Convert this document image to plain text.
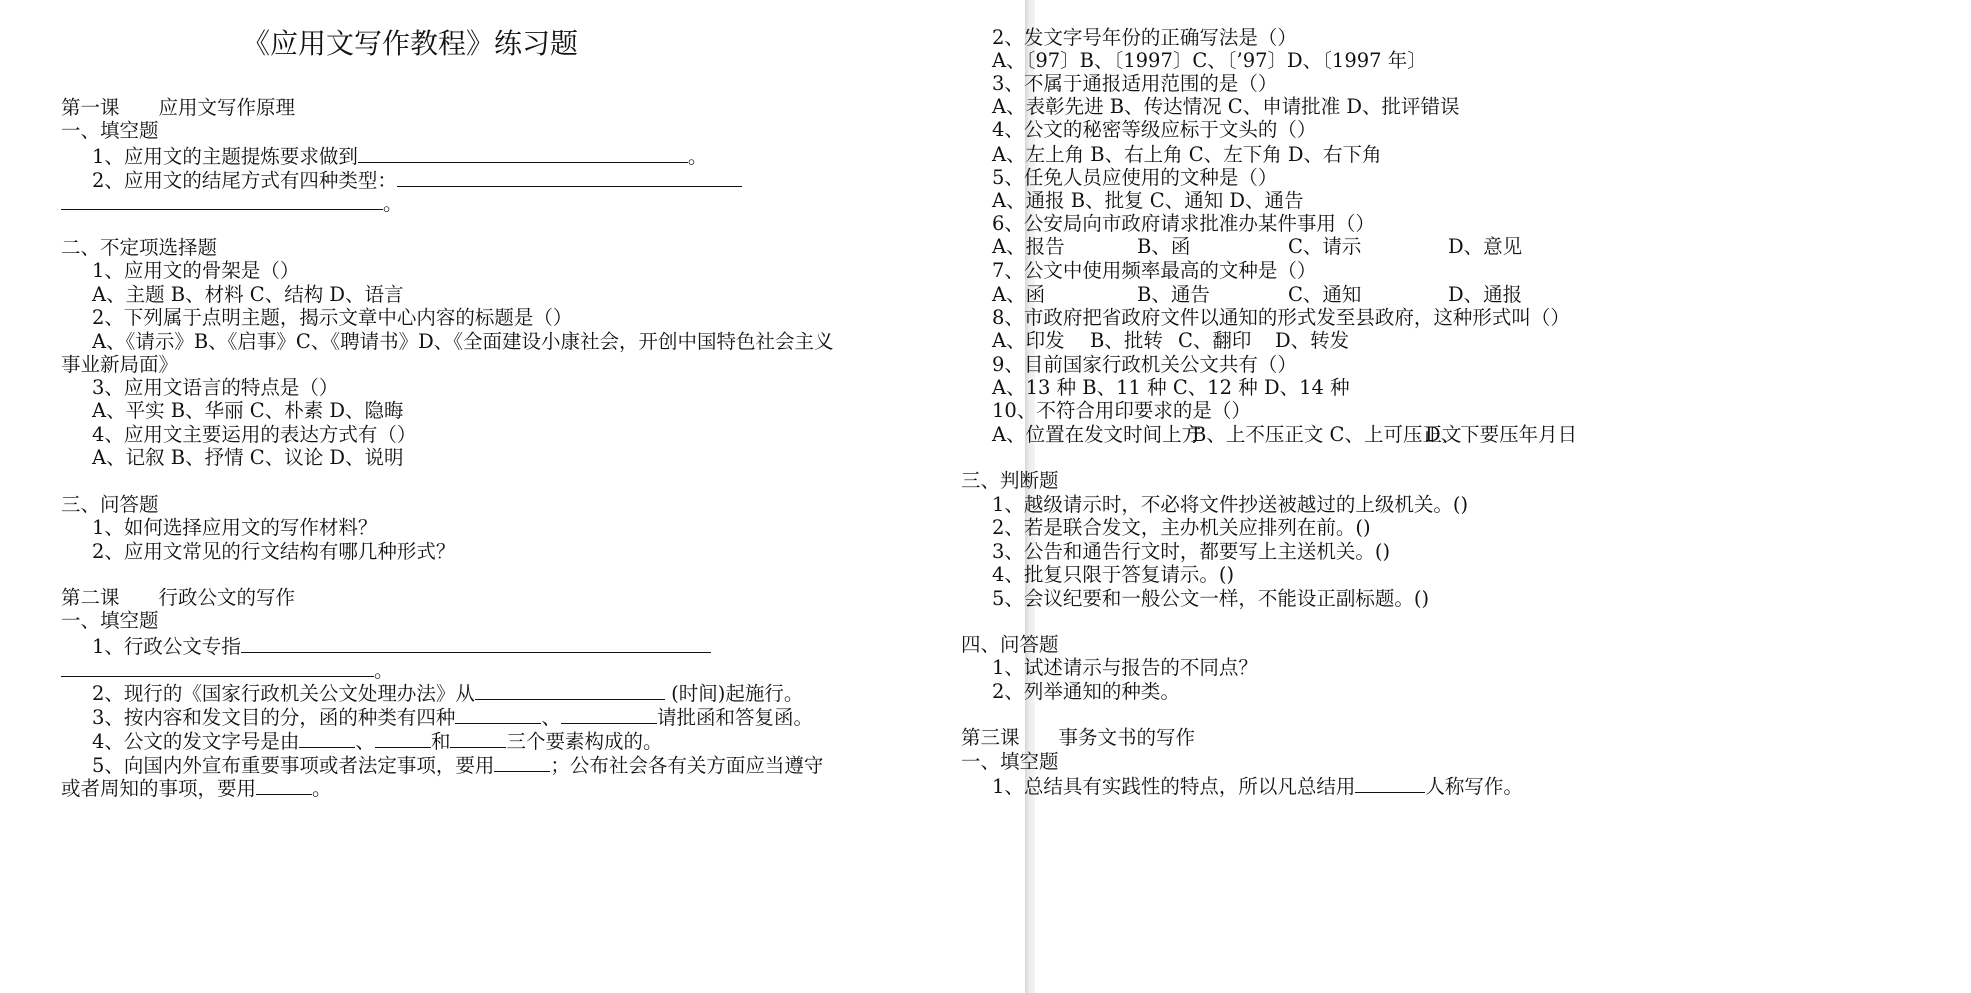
《应用文写作教程》练习题
第一课　　应用文写作原理
一、填空题
1、应用文的主题提炼要求做到	。
2、应用文的结尾方式有四种类型：
。
二、不定项选择题
1、应用文的骨架是（）
A、主题 B、材料 C、结构 D、语言
2、下列属于点明主题，揭示文章中心内容的标题是（）
A、《请示》B、《启事》C、《聘请书》D、《全面建设小康社会，开创中国特色社会主义
事业新局面》
3、应用文语言的特点是（）
A、平实 B、华丽 C、朴素 D、隐晦
4、应用文主要运用的表达方式有（）
A、记叙 B、抒情 C、议论 D、说明
三、问答题
1、如何选择应用文的写作材料？
2、应用文常见的行文结构有哪几种形式？
第二课　　行政公文的写作
一、填空题
1、行政公文专指
。
2、现行的《国家行政机关公文处理办法》从	(时间)起施行。
3、按内容和发文目的分，函的种类有四种	、	请批函和答复函。
4、公文的发文字号是由	、	和	三个要素构成的。
5、向国内外宣布重要事项或者法定事项，要用	；公布社会各有关方面应当遵守
或者周知的事项，要用	。
2、发文字号年份的正确写法是（）
A、〔97〕B、〔1997〕C、〔’97〕D、〔1997 年〕
3、不属于通报适用范围的是（）
A、表彰先进 B、传达情况 C、申请批准 D、批评错误
4、公文的秘密等级应标于文头的（）
A、左上角 B、右上角 C、左下角 D、右下角
5、任免人员应使用的文种是（）
A、通报 B、批复 C、通知 D、通告
6、公安局向市政府请求批准办某件事用（）
A、报告	B、函	C、请示	D、意见
7、公文中使用频率最高的文种是（）
A、函	B、通告	C、通知	D、通报
8、市政府把省政府文件以通知的形式发至县政府，这种形式叫（）
A、印发 B、批转 C、翻印 D、转发
9、目前国家行政机关公文共有（）
A、13 种 B、11 种 C、12 种 D、14 种
10、不符合用印要求的是（）
A、位置在发文时间上方
B、上不压正文 C、上可压正文
D、下要压年月日
三、判断题
1、越级请示时，不必将文件抄送被越过的上级机关。()
2、若是联合发文，主办机关应排列在前。()
3、公告和通告行文时，都要写上主送机关。()
4、批复只限于答复请示。()
5、会议纪要和一般公文一样，不能设正副标题。()
四、问答题
1、试述请示与报告的不同点？
2、列举通知的种类。
第三课　　事务文书的写作
一、填空题
1、总结具有实践性的特点，所以凡总结用	人称写作。
